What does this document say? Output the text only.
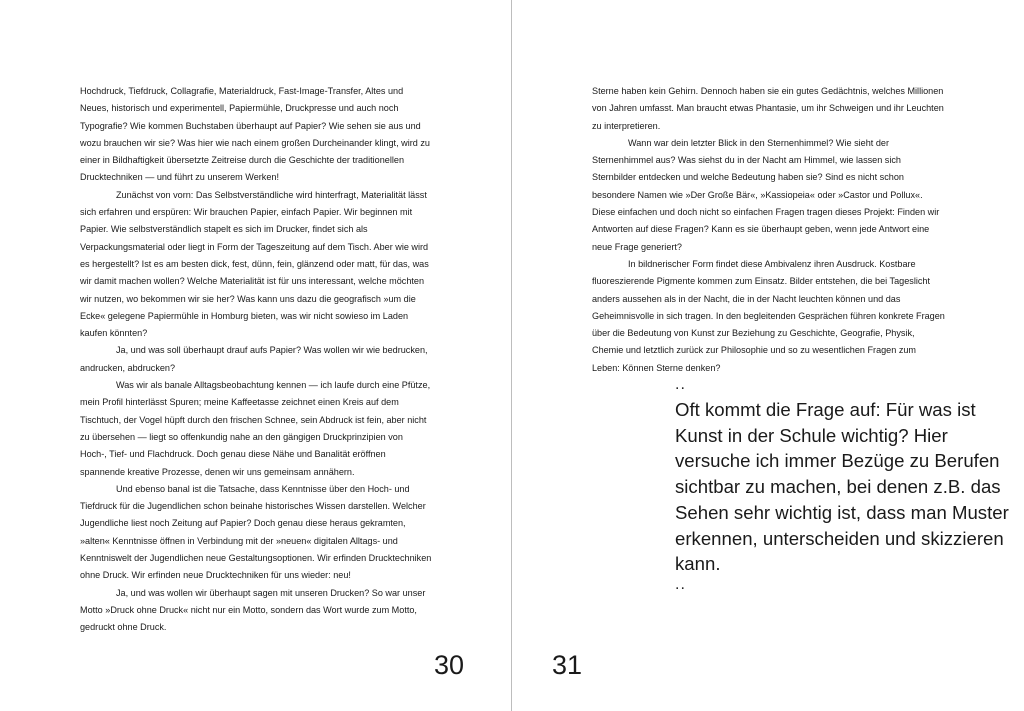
Hochdruck, Tiefdruck, Collagrafie, Materialdruck, Fast-Image-Transfer, Altes und Neues, historisch und experimentell, Papiermühle, Druckpresse und auch noch Typografie? Wie kommen Buchstaben überhaupt auf Papier? Wie sehen sie aus und wozu brauchen wir sie? Was hier wie nach einem großen Durcheinander klingt, wird zu einer in Bildhaftigkeit übersetzte Zeitreise durch die Geschichte der traditionellen Drucktechniken — und führt zu unserem Werken!

Zunächst von vorn: Das Selbstverständliche wird hinterfragt, Materialität lässt sich erfahren und erspüren: Wir brauchen Papier, einfach Papier. Wir beginnen mit Papier. Wie selbstverständlich stapelt es sich im Drucker, findet sich als Verpackungsmaterial oder liegt in Form der Tageszeitung auf dem Tisch. Aber wie wird es hergestellt? Ist es am besten dick, fest, dünn, fein, glänzend oder matt, für das, was wir damit machen wollen? Welche Materialität ist für uns interessant, welche möchten wir nutzen, wo bekommen wir sie her? Was kann uns dazu die geografisch »um die Ecke« gelegene Papiermühle in Homburg bieten, was wir nicht sowieso im Laden kaufen könnten?

Ja, und was soll überhaupt drauf aufs Papier? Was wollen wir wie bedrucken, andrucken, abdrucken?

Was wir als banale Alltagsbeobachtung kennen — ich laufe durch eine Pfütze, mein Profil hinterlässt Spuren; meine Kaffeetasse zeichnet einen Kreis auf dem Tischtuch, der Vogel hüpft durch den frischen Schnee, sein Abdruck ist fein, aber nicht zu übersehen — liegt so offenkundig nahe an den gängigen Druckprinzipien von Hoch-, Tief- und Flachdruck. Doch genau diese Nähe und Banalität eröffnen spannende kreative Prozesse, denen wir uns gemeinsam annähern.

Und ebenso banal ist die Tatsache, dass Kenntnisse über den Hoch- und Tiefdruck für die Jugendlichen schon beinahe historisches Wissen darstellen. Welcher Jugendliche liest noch Zeitung auf Papier? Doch genau diese heraus gekramten, »alten« Kenntnisse öffnen in Verbindung mit der »neuen« digitalen Alltags- und Kenntniswelt der Jugendlichen neue Gestaltungsoptionen. Wir erfinden Drucktechniken ohne Druck. Wir erfinden neue Drucktechniken für uns wieder: neu!

Ja, und was wollen wir überhaupt sagen mit unseren Drucken? So war unser Motto »Druck ohne Druck« nicht nur ein Motto, sondern das Wort wurde zum Motto, gedruckt ohne Druck.

30

Sterne haben kein Gehirn. Dennoch haben sie ein gutes Gedächtnis, welches Millionen von Jahren umfasst. Man braucht etwas Phantasie, um ihr Schweigen und ihr Leuchten zu interpretieren.

Wann war dein letzter Blick in den Sternenhimmel? Wie sieht der Sternenhimmel aus? Was siehst du in der Nacht am Himmel, wie lassen sich Sternbilder entdecken und welche Bedeutung haben sie? Sind es nicht schon besondere Namen wie »Der Große Bär«, »Kassiopeia« oder »Castor und Pollux«. Diese einfachen und doch nicht so einfachen Fragen tragen dieses Projekt: Finden wir Antworten auf diese Fragen? Kann es sie überhaupt geben, wenn jede Antwort eine neue Frage generiert?

In bildnerischer Form findet diese Ambivalenz ihren Ausdruck. Kostbare fluoreszierende Pigmente kommen zum Einsatz. Bilder entstehen, die bei Tageslicht anders aussehen als in der Nacht, die in der Nacht leuchten können und das Geheimnisvolle in sich tragen. In den begleitenden Gesprächen führen konkrete Fragen über die Bedeutung von Kunst zur Beziehung zu Geschichte, Geografie, Physik, Chemie und letztlich zurück zur Philosophie und so zu wesentlichen Fragen zum Leben: Können Sterne denken?

..

Oft kommt die Frage auf: Für was ist Kunst in der Schule wichtig? Hier versuche ich immer Bezüge zu Berufen sichtbar zu machen, bei denen z.B. das Sehen sehr wichtig ist, dass man Muster erkennen, unterscheiden und skizzieren kann.

..
31
